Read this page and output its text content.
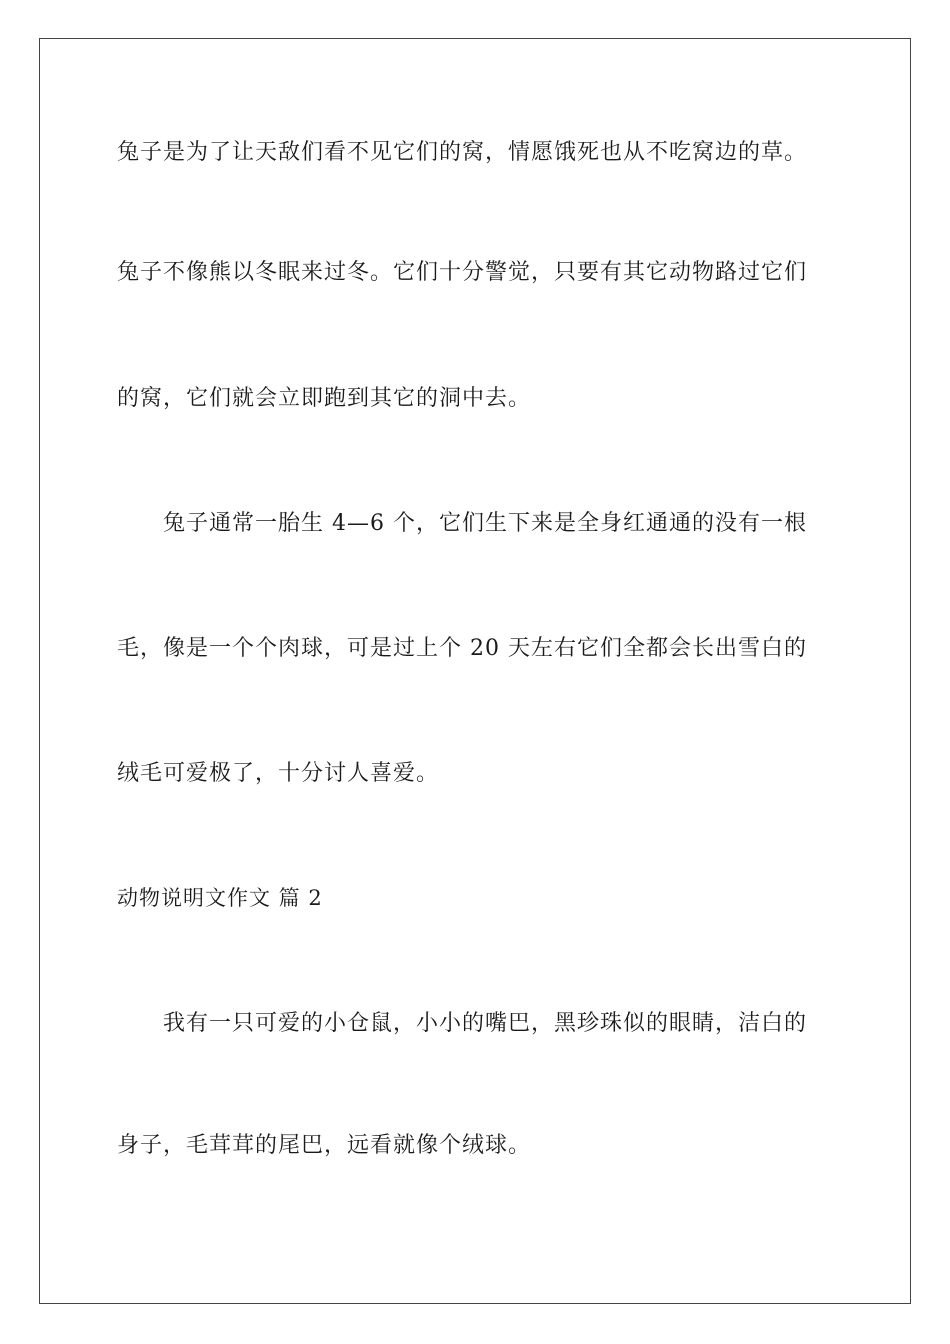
兔子是为了让天敌们看不见它们的窝，情愿饿死也从不吃窝边的草。
兔子不像熊以冬眠来过冬。它们十分警觉，只要有其它动物路过它们
的窝，它们就会立即跑到其它的洞中去。
兔子通常一胎生 4—6 个，它们生下来是全身红通通的没有一根
毛，像是一个个肉球，可是过上个 20 天左右它们全都会长出雪白的
绒毛可爱极了，十分讨人喜爱。
动物说明文作文 篇 2
我有一只可爱的小仓鼠，小小的嘴巴，黑珍珠似的眼睛，洁白的
身子，毛茸茸的尾巴，远看就像个绒球。
